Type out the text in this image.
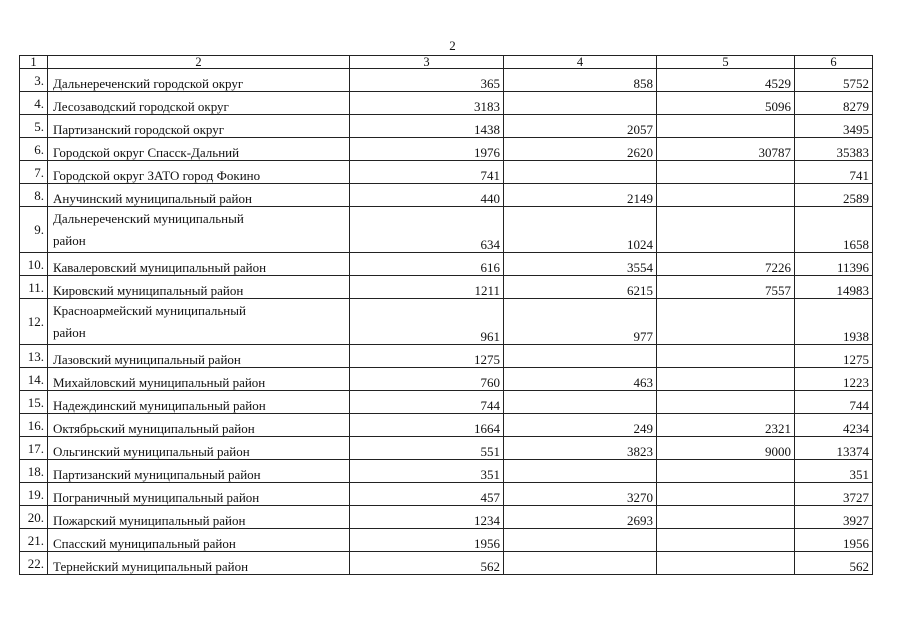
2
1	2	3	4	5	6
3.	Дальнереченский городской округ	365	858	4529	5752
4.	Лесозаводский городской округ	3183		5096	8279
5.	Партизанский городской округ	1438	2057		3495
6.	Городской округ Спасск-Дальний	1976	2620	30787	35383
7.	Городской округ ЗАТО город Фокино	741			741
8.	Анучинский муниципальный район	440	2149		2589
9.	Дальнереченский муниципальный
район	634	1024		1658
10.	Кавалеровский муниципальный район	616	3554	7226	11396
11.	Кировский муниципальный район	1211	6215	7557	14983
12.	Красноармейский муниципальный
район	961	977		1938
13.	Лазовский муниципальный район	1275			1275
14.	Михайловский муниципальный район	760	463		1223
15.	Надеждинский муниципальный район	744			744
16.	Октябрьский муниципальный район	1664	249	2321	4234
17.	Ольгинский муниципальный район	551	3823	9000	13374
18.	Партизанский муниципальный район	351			351
19.	Пограничный муниципальный район	457	3270		3727
20.	Пожарский муниципальный район	1234	2693		3927
21.	Спасский муниципальный район	1956			1956
22.	Тернейский муниципальный район	562			562
